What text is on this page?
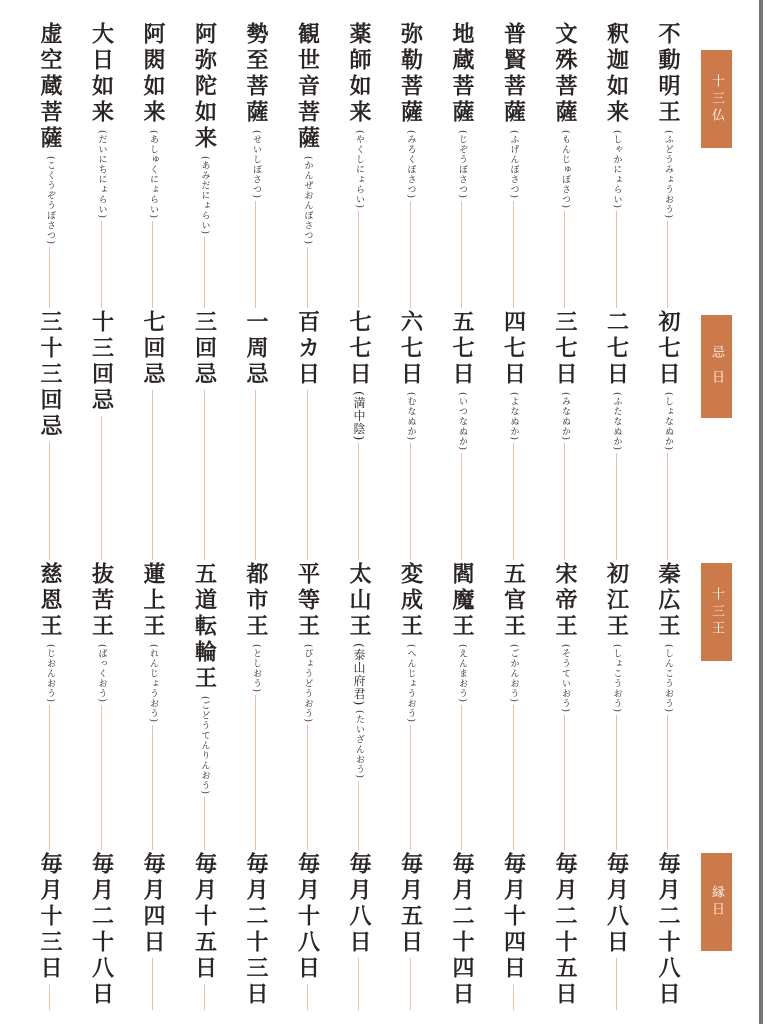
十三仏
忌 日
十三王
縁日
不動明王
(ふどうみょうおう)
初七日
(しょなぬか)
秦広王
(しんこうおう)
毎月二十八日
釈迦如来
(しゃかにょらい)
二七日
(ふたなぬか)
初江王
(しょこうおう)
毎月八日
文殊菩薩
(もんじゅぼさつ)
三七日
(みなぬか)
宋帝王
(そうていおう)
毎月二十五日
普賢菩薩
(ふげんぼさつ)
四七日
(よなぬか)
五官王
(ごかんおう)
毎月十四日
地蔵菩薩
(じぞうぼさつ)
五七日
(いつなぬか)
閻魔王
(えんまおう)
毎月二十四日
弥勒菩薩
(みろくぼさつ)
六七日
(むなぬか)
変成王
(へんじょうおう)
毎月五日
薬師如来
(やくしにょらい)
七七日
(満中陰)
太山王
(泰山府君)
(たいざんおう)
毎月八日
観世音菩薩
(かんぜおんぼさつ)
百カ日
平等王
(びょうどうおう)
毎月十八日
勢至菩薩
(せいしぼさつ)
一周忌
都市王
(としおう)
毎月二十三日
阿弥陀如来
(あみだにょらい)
三回忌
五道転輪王
(ごどうてんりんおう)
毎月十五日
阿閦如来
(あしゅくにょらい)
七回忌
蓮上王
(れんじょうおう)
毎月四日
大日如来
(だいにちにょらい)
十三回忌
抜苦王
(ばっくおう)
毎月二十八日
虚空蔵菩薩
(こくうぞうぼさつ)
三十三回忌
慈恩王
(じおんおう)
毎月十三日
